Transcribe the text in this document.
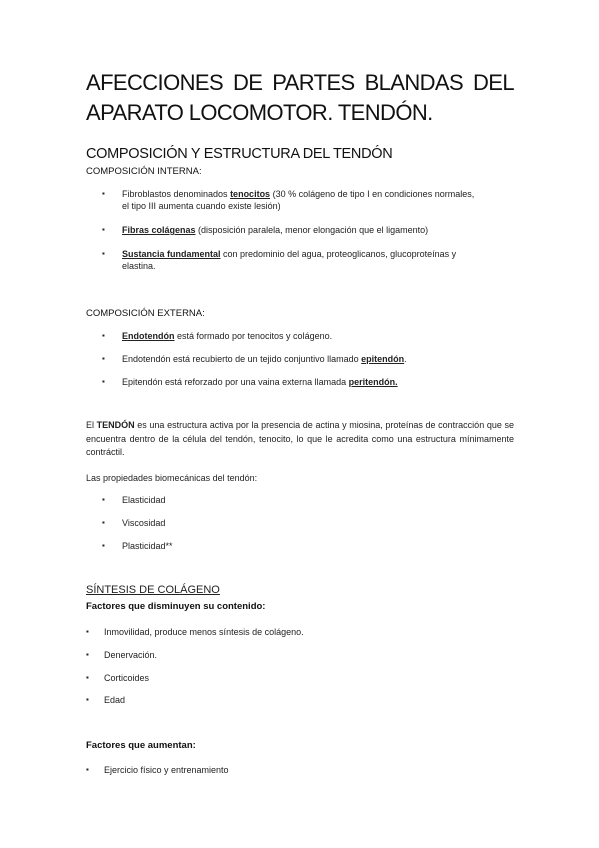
AFECCIONES DE PARTES BLANDAS DEL
APARATO LOCOMOTOR. TENDÓN.
COMPOSICIÓN Y ESTRUCTURA DEL TENDÓN
COMPOSICIÓN INTERNA:
▪ Fibroblastos denominados tenocitos (30 % colágeno de tipo I en condiciones normales,
el tipo III aumenta cuando existe lesión)
▪ Fibras colágenas (disposición paralela, menor elongación que el ligamento)
▪ Sustancia fundamental con predominio del agua, proteoglicanos, glucoproteínas y
elastina.
COMPOSICIÓN EXTERNA:
▪ Endotendón está formado por tenocitos y colágeno.
▪ Endotendón está recubierto de un tejido conjuntivo llamado epitendón.
▪ Epitendón está reforzado por una vaina externa llamada peritendón.
El TENDÓN es una estructura activa por la presencia de actina y miosina, proteínas de contracción que se encuentra dentro de la célula del tendón, tenocito, lo que le acredita como una estructura mínimamente contráctil.
Las propiedades biomecánicas del tendón:
▪ Elasticidad
▪ Viscosidad
▪ Plasticidad**
SÍNTESIS DE COLÁGENO
Factores que disminuyen su contenido:
▪ Inmovilidad, produce menos síntesis de colágeno.
▪ Denervación.
▪ Corticoides
▪ Edad
Factores que aumentan:
▪ Ejercicio físico y entrenamiento
